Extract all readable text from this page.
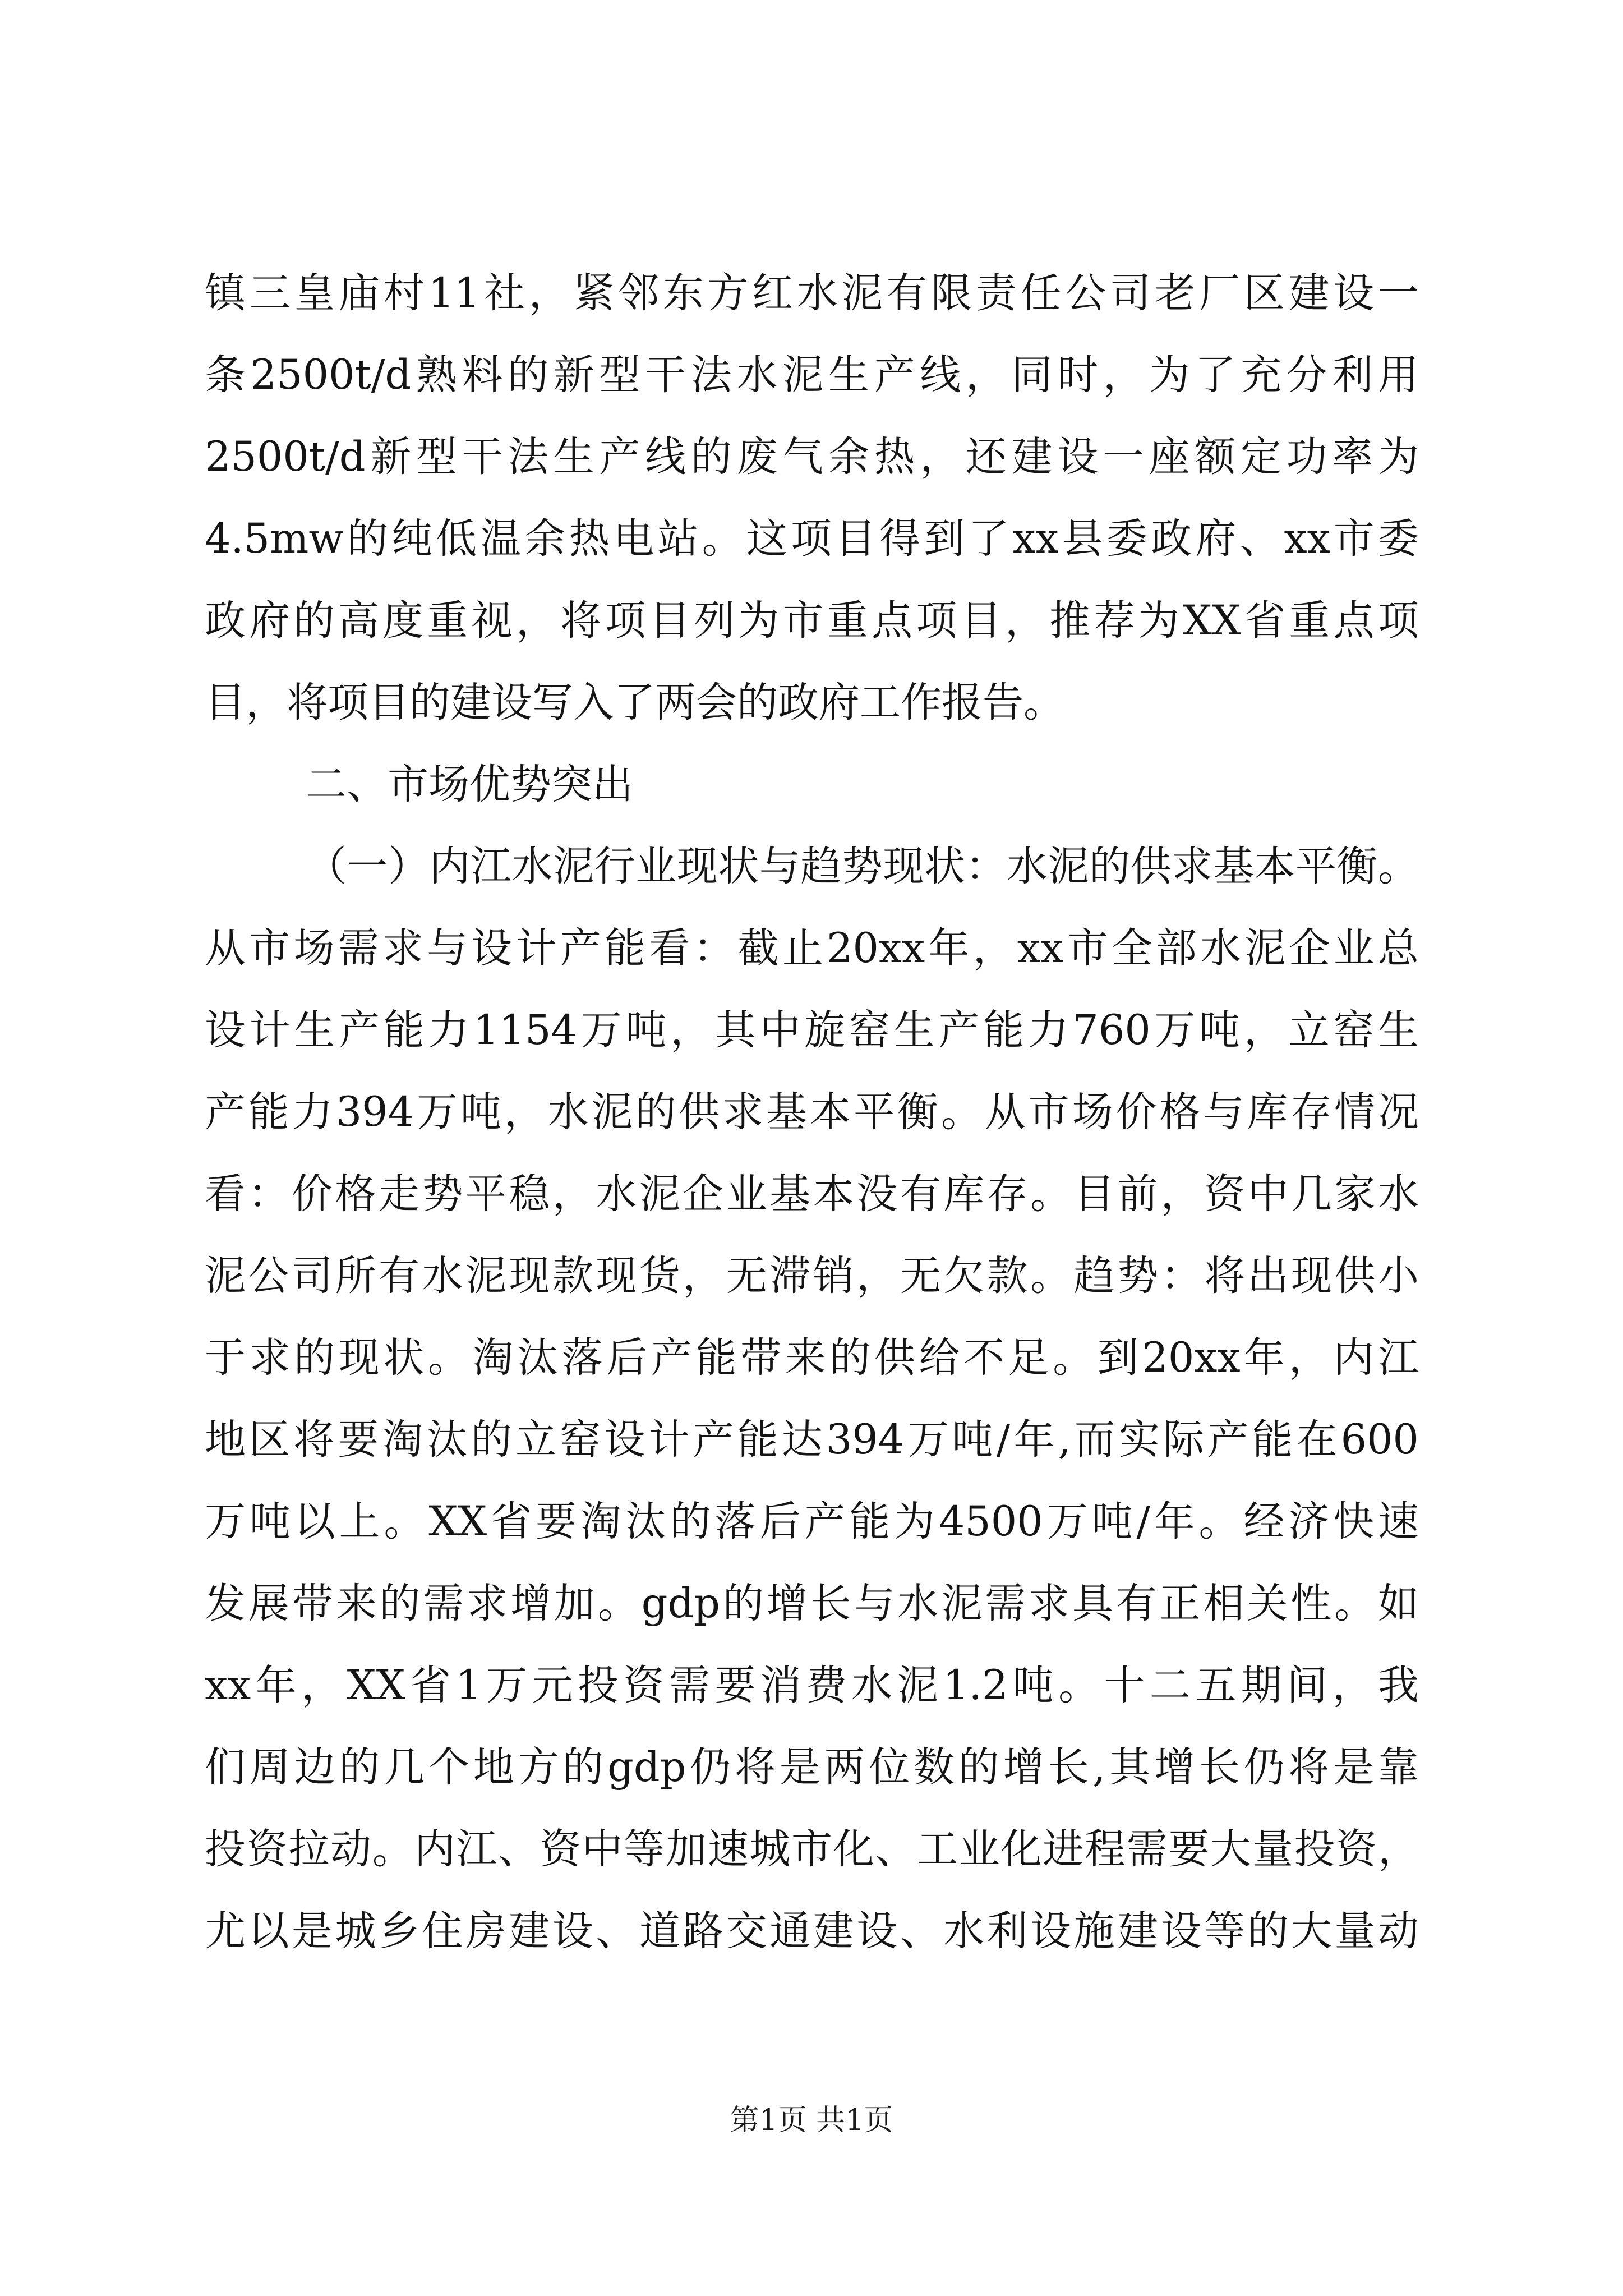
镇三皇庙村11社，紧邻东方红水泥有限责任公司老厂区建设一
条2500t/d熟料的新型干法水泥生产线，同时，为了充分利用
2500t/d新型干法生产线的废气余热，还建设一座额定功率为
4.5mw的纯低温余热电站。这项目得到了xx县委政府、xx市委
政府的高度重视，将项目列为市重点项目，推荐为XX省重点项
目，将项目的建设写入了两会的政府工作报告。
二、市场优势突出
（一）内江水泥行业现状与趋势现状：水泥的供求基本平衡。
从市场需求与设计产能看：截止20xx年，xx市全部水泥企业总
设计生产能力1154万吨，其中旋窑生产能力760万吨，立窑生
产能力394万吨，水泥的供求基本平衡。从市场价格与库存情况
看：价格走势平稳，水泥企业基本没有库存。目前，资中几家水
泥公司所有水泥现款现货，无滞销，无欠款。趋势：将出现供小
于求的现状。淘汰落后产能带来的供给不足。到20xx年，内江
地区将要淘汰的立窑设计产能达394万吨/年,而实际产能在600
万吨以上。XX省要淘汰的落后产能为4500万吨/年。经济快速
发展带来的需求增加。gdp的增长与水泥需求具有正相关性。如
xx年，XX省1万元投资需要消费水泥1.2吨。十二五期间，我
们周边的几个地方的gdp仍将是两位数的增长,其增长仍将是靠
投资拉动。内江、资中等加速城市化、工业化进程需要大量投资，
尤以是城乡住房建设、道路交通建设、水利设施建设等的大量动
第1页 共1页
